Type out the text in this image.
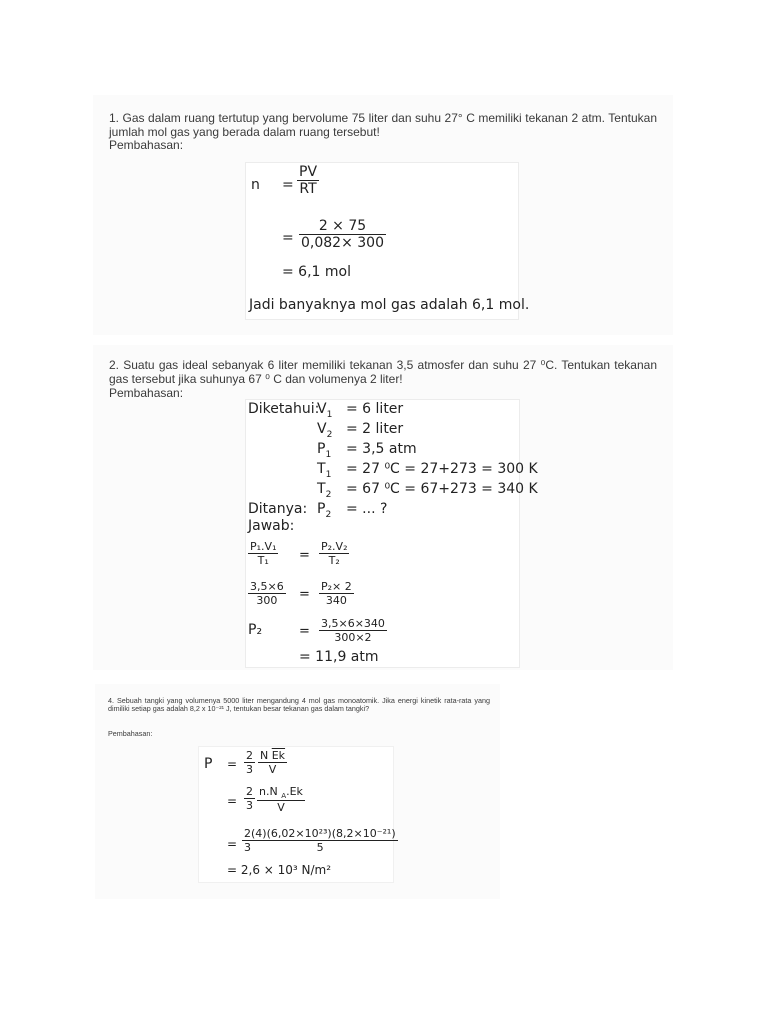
1. Gas dalam ruang tertutup yang bervolume 75 liter dan suhu 27° C memiliki tekanan 2 atm. Tentukan jumlah mol gas yang berada dalam ruang tersebut!
Pembahasan:
n =
PV
RT
=
2 × 75
0,082× 300
= 6,1 mol
Jadi banyaknya mol gas adalah 6,1 mol.
2. Suatu gas ideal sebanyak 6 liter memiliki tekanan 3,5 atmosfer dan suhu 27 ⁰C. Tentukan tekanan gas tersebut jika suhunya 67 ⁰ C dan volumenya 2 liter!
Pembahasan:
Diketahui:
$V_1 = 6$ liter
$V_2 = 2$ liter
$P_1 = 3,5$ atm
$T_1 = 27$ ⁰C = 27+273 = 300 K
$T_2 = 67$ ⁰C = 67+273 = 340 K
Ditanya: $P_2$ = ... ?
Jawab:
P₁.V₁
T₁ =
P₂.V₂
T₂
3,5×6
300 =
P₂× 2
340
P₂	=
3,5×6×340
300×2
= 11,9 atm
4. Sebuah tangki yang volumenya 5000 liter mengandung 4 mol gas monoatomik. Jika energi kinetik rata-rata yang dimiliki setiap gas adalah 8,2 x 10⁻²¹ J, tentukan besar tekanan gas dalam tangki?
Pembahasan:
P =
2
3
N $\overline{Ek}$
V
=
2
3
n.N $_A$.Ek
V
=
2(4)(6,02×10²³)(8,2×10⁻²¹)
3	5
= 2,6 × 10³ N/m²
